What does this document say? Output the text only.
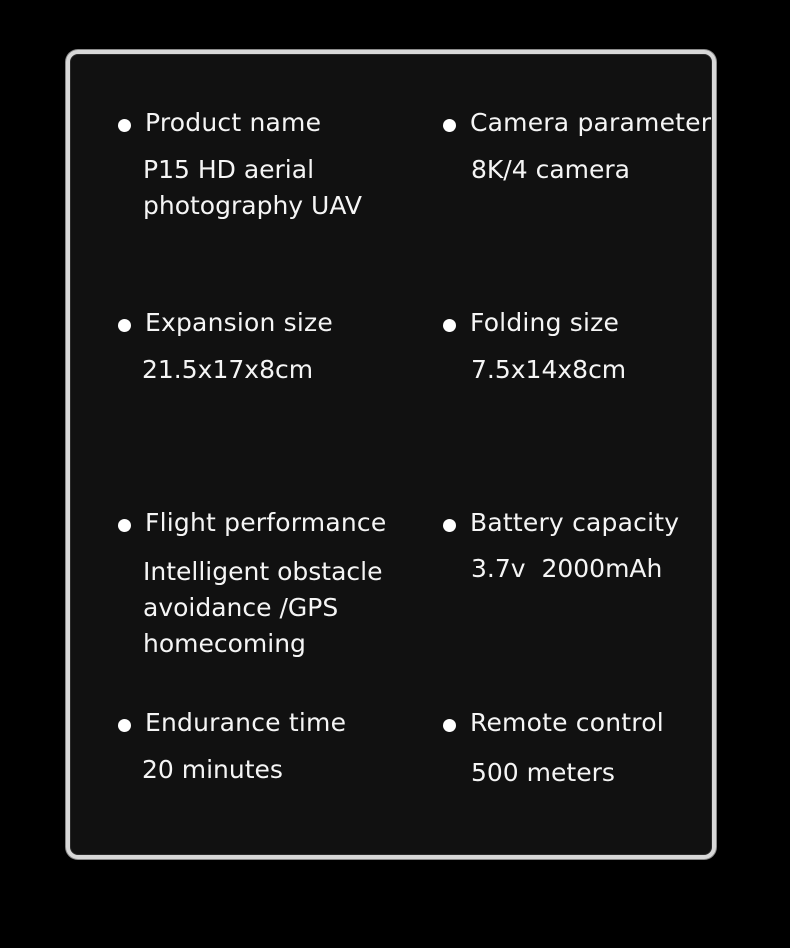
Product name
P15 HD aerial
photography UAV
Camera parameter
8K/4 camera
Expansion size
21.5x17x8cm
Folding size
7.5x14x8cm
Flight performance
Intelligent obstacle
avoidance /GPS
homecoming
Battery capacity
3.7v  2000mAh
Endurance time
20 minutes
Remote control
500 meters
